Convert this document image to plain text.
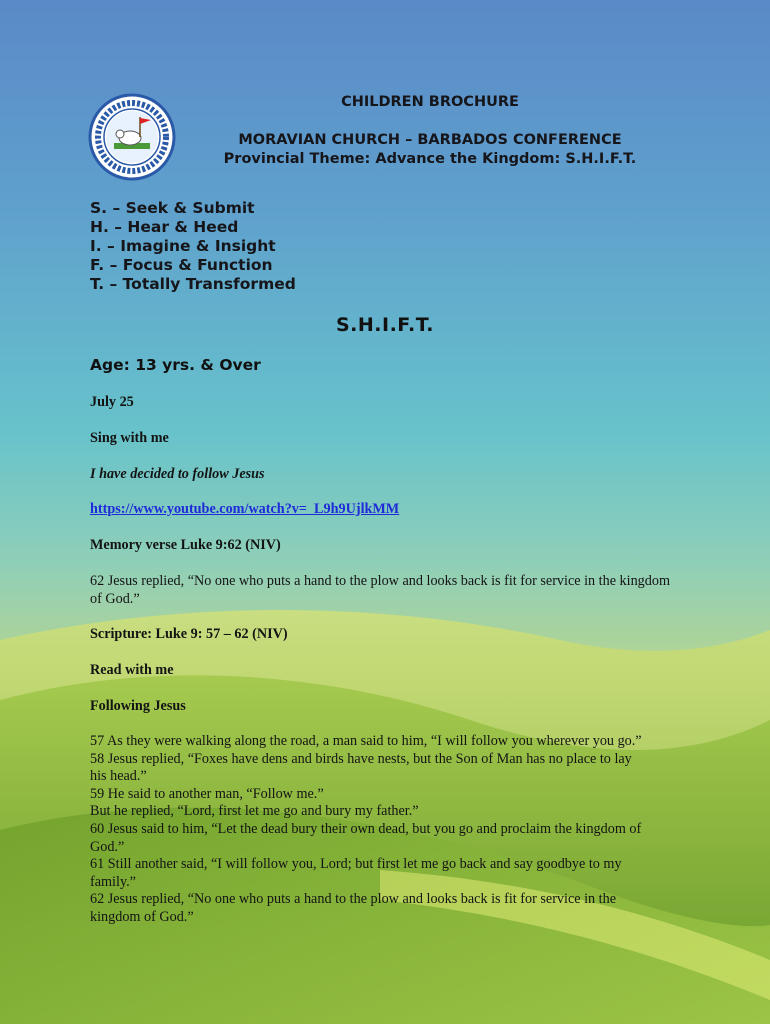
CHILDREN BROCHURE
MORAVIAN CHURCH – BARBADOS CONFERENCE
Provincial Theme: Advance the Kingdom: S.H.I.F.T.
S. – Seek & Submit
H. – Hear & Heed
I. – Imagine & Insight
F. – Focus & Function
T. – Totally Transformed
S.H.I.F.T.
Age: 13 yrs. & Over
July 25
Sing with me
I have decided to follow Jesus
https://www.youtube.com/watch?v=_L9h9UjlkMM
Memory verse Luke 9:62 (NIV)
62 Jesus replied, “No one who puts a hand to the plow and looks back is fit for service in the kingdom of God.”
Scripture: Luke 9: 57 – 62 (NIV)
Read with me
Following Jesus
57 As they were walking along the road, a man said to him, “I will follow you wherever you go.”
58 Jesus replied, “Foxes have dens and birds have nests, but the Son of Man has no place to lay
his head.”
59 He said to another man, “Follow me.”
But he replied, “Lord, first let me go and bury my father.”
60 Jesus said to him, “Let the dead bury their own dead, but you go and proclaim the kingdom of
God.”
61 Still another said, “I will follow you, Lord; but first let me go back and say goodbye to my
family.”
62 Jesus replied, “No one who puts a hand to the plow and looks back is fit for service in the
kingdom of God.”
